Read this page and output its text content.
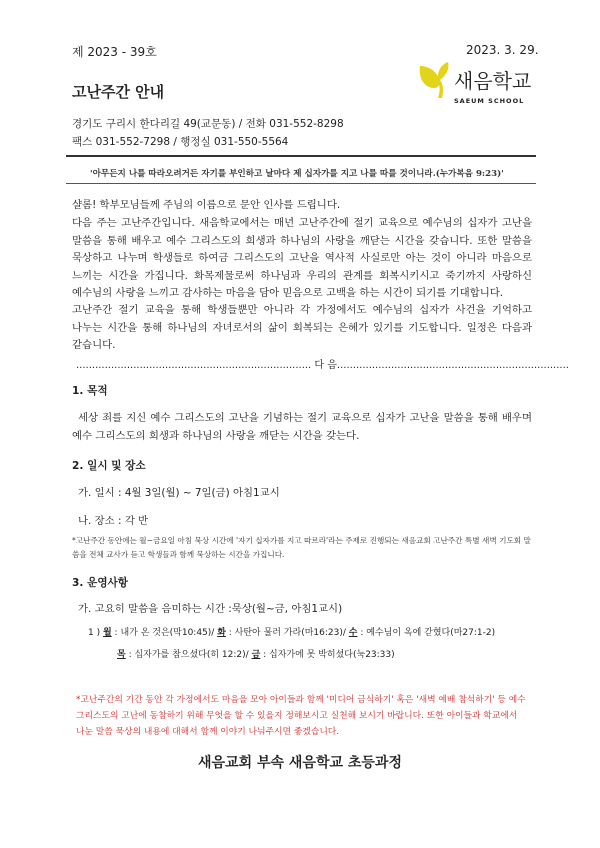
제 2023 - 39호	2023. 3. 29.
새음학교
SAEUM SCHOOL
고난주간 안내
경기도 구리시 한다리길 49(교문동) / 전화 031-552-8298
팩스 031-552-7298 / 행정실 031-550-5564
'아무든지 나를 따라오려거든 자기를 부인하고 날마다 제 십자가를 지고 나를 따를 것이니라.(누가복음 9:23)'
샬롬! 학부모님들께 주님의 이름으로 문안 인사를 드립니다.
다음 주는 고난주간입니다. 새음학교에서는 매년 고난주간에 절기 교육으로 예수님의 십자가 고난을 말씀을 통해 배우고 예수 그리스도의 희생과 하나님의 사랑을 깨닫는 시간을 갖습니다. 또한 말씀을 묵상하고 나누며 학생들로 하여금 그리스도의 고난을 역사적 사실로만 아는 것이 아니라 마음으로 느끼는 시간을 가집니다. 화목제물로써 하나님과 우리의 관계를 회복시키시고 죽기까지 사랑하신 예수님의 사랑을 느끼고 감사하는 마음을 담아 믿음으로 고백을 하는 시간이 되기를 기대합니다.
고난주간 절기 교육을 통해 학생들뿐만 아니라 각 가정에서도 예수님의 십자가 사건을 기억하고 나누는 시간을 통해 하나님의 자녀로서의 삶이 회복되는 은혜가 있기를 기도합니다. 일정은 다음과 같습니다.
.......................................................................... 다 음.........................................................................
1. 목적
세상 죄를 지신 예수 그리스도의 고난을 기념하는 절기 교육으로 십자가 고난을 말씀을 통해 배우며 예수 그리스도의 희생과 하나님의 사랑을 깨닫는 시간을 갖는다.
2. 일시 및 장소
가. 일시 : 4월 3일(월) ~ 7일(금) 아침1교시
나. 장소 : 각 반
*고난주간 동안에는 월~금요일 아침 묵상 시간에 '자기 십자가를 지고 따르라'라는 주제로 진행되는 새음교회 고난주간 특별 새벽 기도회 말씀을 전체 교사가 듣고 학생들과 함께 묵상하는 시간을 가집니다.
3. 운영사항
가. 고요히 말씀을 음미하는 시간 :묵상(월~금, 아침1교시)
1 ) 월 : 내가 온 것은(막10:45)/ 화 : 사탄아 물러 가라(마16:23)/ 수 : 예수님이 옥에 갇혔다(마27:1-2)
목 : 십자가를 참으셨다(히 12:2)/ 금 : 십자가에 못 박히셨다(눅23:33)
*고난주간의 기간 동안 각 가정에서도 마음을 모아 아이들과 함께 '미디어 금식하기' 혹은 '새벽 예배 참석하기' 등 예수 그리스도의 고난에 동참하기 위해 무엇을 할 수 있을지 정해보시고 실천해 보시기 바랍니다. 또한 아이들과 학교에서 나눈 말씀 묵상의 내용에 대해서 함께 이야기 나눠주시면 좋겠습니다.
새음교회 부속 새음학교 초등과정
